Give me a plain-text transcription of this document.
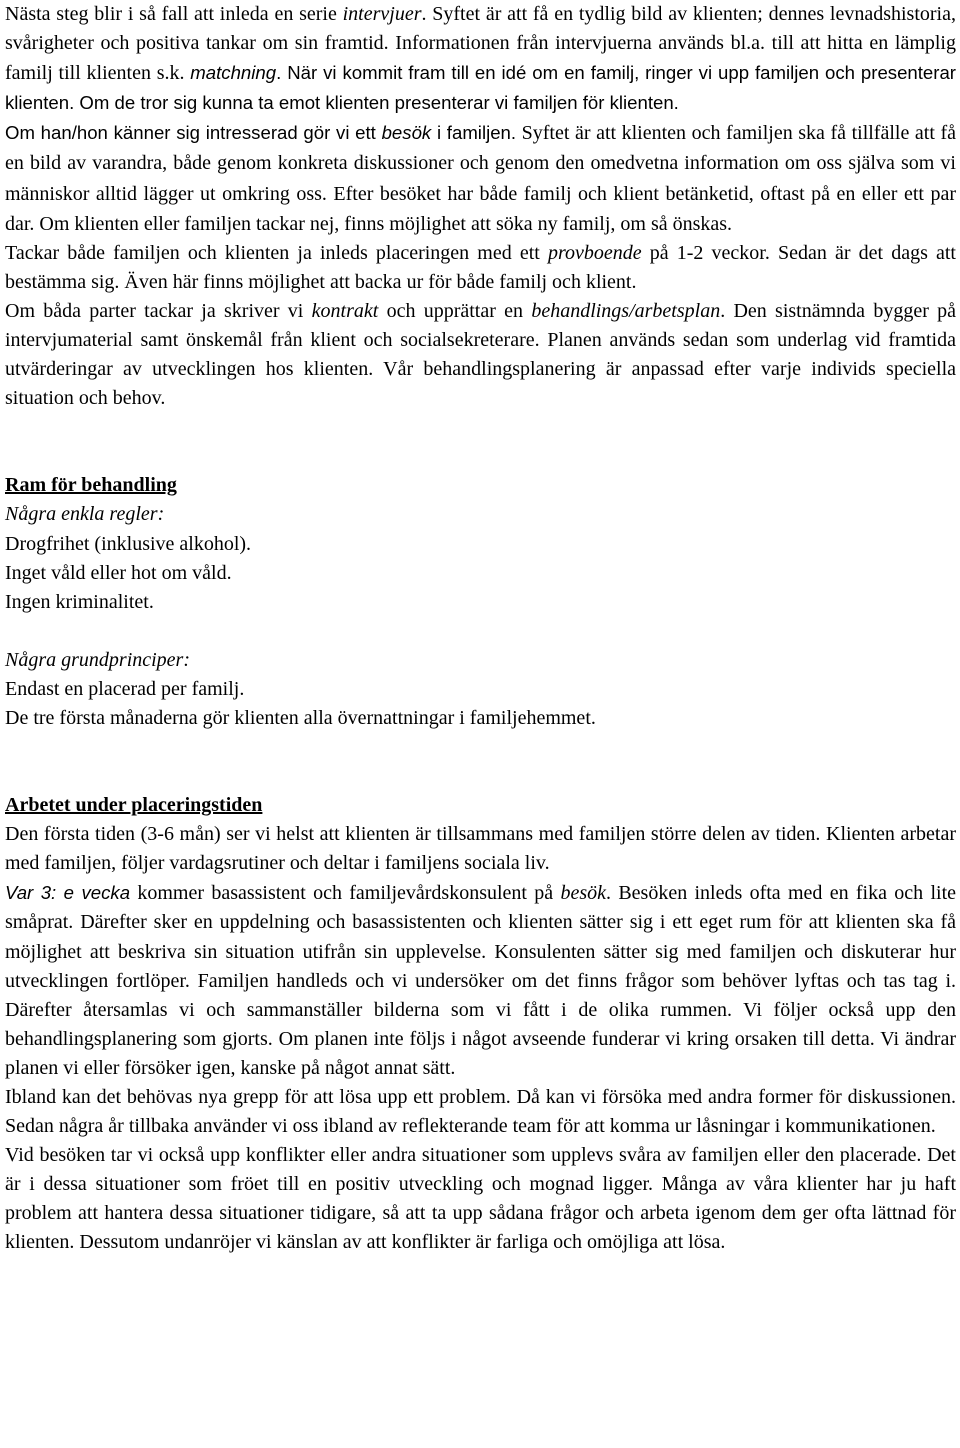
Nästa steg blir i så fall att inleda en serie intervjuer. Syftet är att få en tydlig bild av klienten; dennes levnadshistoria, svårigheter och positiva tankar om sin framtid. Informationen från intervjuerna används bl.a. till att hitta en lämplig familj till klienten s.k. matchning. När vi kommit fram till en idé om en familj, ringer vi upp familjen och presenterar klienten. Om de tror sig kunna ta emot klienten presenterar vi familjen för klienten.

Om han/hon känner sig intresserad gör vi ett besök i familjen. Syftet är att klienten och familjen ska få tillfälle att få en bild av varandra, både genom konkreta diskussioner och genom den omedvetna information om oss själva som vi människor alltid lägger ut omkring oss. Efter besöket har både familj och klient betänketid, oftast på en eller ett par dar. Om klienten eller familjen tackar nej, finns möjlighet att söka ny familj, om så önskas.

Tackar både familjen och klienten ja inleds placeringen med ett provboende på 1-2 veckor. Sedan är det dags att bestämma sig. Även här finns möjlighet att backa ur för både familj och klient.

Om båda parter tackar ja skriver vi kontrakt och upprättar en behandlings/arbetsplan. Den sistnämnda bygger på intervjumaterial samt önskemål från klient och socialsekreterare. Planen används sedan som underlag vid framtida utvärderingar av utvecklingen hos klienten. Vår behandlingsplanering är anpassad efter varje individs speciella situation och behov.

Ram för behandling

Några enkla regler:

Drogfrihet (inklusive alkohol).

Inget våld eller hot om våld.

Ingen kriminalitet.

Några grundprinciper:

Endast en placerad per familj.

De tre första månaderna gör klienten alla övernattningar i familjehemmet.

Arbetet under placeringstiden

Den första tiden (3-6 mån) ser vi helst att klienten är tillsammans med familjen större delen av tiden. Klienten arbetar med familjen, följer vardagsrutiner och deltar i familjens sociala liv.

Var 3: e vecka kommer basassistent och familjevårdskonsulent på besök. Besöken inleds ofta med en fika och lite småprat. Därefter sker en uppdelning och basassistenten och klienten sätter sig i ett eget rum för att klienten ska få möjlighet att beskriva sin situation utifrån sin upplevelse. Konsulenten sätter sig med familjen och diskuterar hur utvecklingen fortlöper. Familjen handleds och vi undersöker om det finns frågor som behöver lyftas och tas tag i. Därefter återsamlas vi och sammanställer bilderna som vi fått i de olika rummen. Vi följer också upp den behandlingsplanering som gjorts. Om planen inte följs i något avseende funderar vi kring orsaken till detta. Vi ändrar planen vi eller försöker igen, kanske på något annat sätt.

Ibland kan det behövas nya grepp för att lösa upp ett problem. Då kan vi försöka med andra former för diskussionen. Sedan några år tillbaka använder vi oss ibland av reflekterande team för att komma ur låsningar i kommunikationen.

Vid besöken tar vi också upp konflikter eller andra situationer som upplevs svåra av familjen eller den placerade. Det är i dessa situationer som fröet till en positiv utveckling och mognad ligger. Många av våra klienter har ju haft problem att hantera dessa situationer tidigare, så att ta upp sådana frågor och arbeta igenom dem ger ofta lättnad för klienten. Dessutom undanröjer vi känslan av att konflikter är farliga och omöjliga att lösa.
